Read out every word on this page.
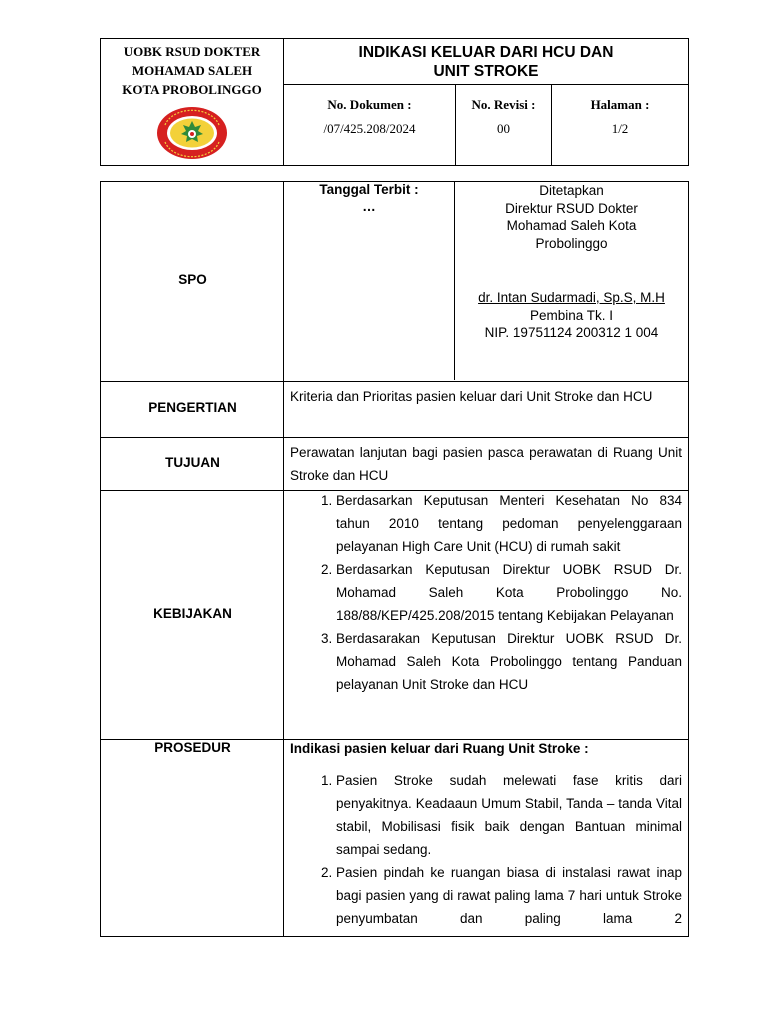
UOBK RSUD DOKTER
MOHAMAD SALEH
KOTA PROBOLINGGO
INDIKASI KELUAR DARI HCU DAN
UNIT STROKE
No. Dokumen :
/07/425.208/2024
No. Revisi :
00
Halaman :
1/2
SPO
Tanggal Terbit :
…
Ditetapkan
Direktur RSUD Dokter
Mohamad Saleh Kota
Probolinggo
dr. Intan Sudarmadi, Sp.S, M.H
Pembina Tk. I
NIP. 19751124 200312 1 004
PENGERTIAN
Kriteria dan Prioritas pasien keluar dari Unit Stroke dan HCU
TUJUAN
Perawatan lanjutan bagi pasien pasca perawatan di Ruang Unit Stroke dan HCU
KEBIJAKAN
1. Berdasarkan Keputusan Menteri Kesehatan No 834 tahun 2010 tentang pedoman penyelenggaraan pelayanan High Care Unit (HCU) di rumah sakit
2. Berdasarkan Keputusan Direktur UOBK RSUD Dr. Mohamad Saleh Kota Probolinggo No. 188/88/KEP/425.208/2015 tentang Kebijakan Pelayanan
3. Berdasarakan Keputusan Direktur UOBK RSUD Dr. Mohamad Saleh Kota Probolinggo tentang Panduan pelayanan Unit Stroke dan HCU
PROSEDUR	Indikasi pasien keluar dari Ruang Unit Stroke :
1. Pasien Stroke sudah melewati fase kritis dari penyakitnya. Keadaaun Umum Stabil, Tanda – tanda Vital stabil, Mobilisasi fisik baik dengan Bantuan minimal sampai sedang.
2. Pasien pindah ke ruangan biasa di instalasi rawat inap bagi pasien yang di rawat paling lama 7 hari untuk Stroke penyumbatan dan paling lama 2
